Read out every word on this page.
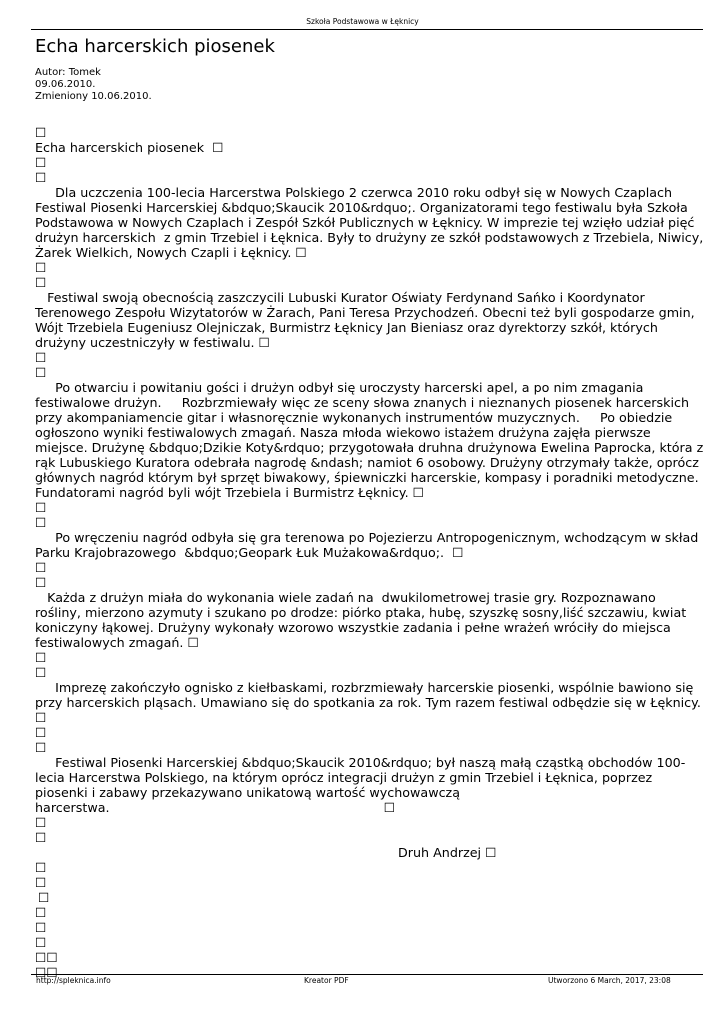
Szkoła Podstawowa w Łęknicy
Echa harcerskich piosenek
Autor: Tomek
09.06.2010.
Zmieniony 10.06.2010.
☐
Echa harcerskich piosenek  ☐
☐
☐
Dla uczczenia 100-lecia Harcerstwa Polskiego 2 czerwca 2010 roku odbył się w Nowych Czaplach
Festiwal Piosenki Harcerskiej &bdquo;Skaucik 2010&rdquo;. Organizatorami tego festiwalu była Szkoła
Podstawowa w Nowych Czaplach i Zespół Szkół Publicznych w Łęknicy. W imprezie tej wzięło udział pięć
drużyn harcerskich  z gmin Trzebiel i Łęknica. Były to drużyny ze szkół podstawowych z Trzebiela, Niwicy,
Żarek Wielkich, Nowych Czapli i Łęknicy. ☐
☐
☐
Festiwal swoją obecnością zaszczycili Lubuski Kurator Oświaty Ferdynand Sańko i Koordynator
Terenowego Zespołu Wizytatorów w Żarach, Pani Teresa Przychodzeń. Obecni też byli gospodarze gmin,
Wójt Trzebiela Eugeniusz Olejniczak, Burmistrz Łęknicy Jan Bieniasz oraz dyrektorzy szkół, których
drużyny uczestniczyły w festiwalu. ☐
☐
☐
Po otwarciu i powitaniu gości i drużyn odbył się uroczysty harcerski apel, a po nim zmagania
festiwalowe drużyn.     Rozbrzmiewały więc ze sceny słowa znanych i nieznanych piosenek harcerskich
przy akompaniamencie gitar i własnoręcznie wykonanych instrumentów muzycznych.     Po obiedzie
ogłoszono wyniki festiwalowych zmagań. Nasza młoda wiekowo istażem drużyna zajęła pierwsze
miejsce. Drużynę &bdquo;Dzikie Koty&rdquo; przygotowała druhna drużynowa Ewelina Paprocka, która z
rąk Lubuskiego Kuratora odebrała nagrodę &ndash; namiot 6 osobowy. Drużyny otrzymały także, oprócz
głównych nagród którym był sprzęt biwakowy, śpiewniczki harcerskie, kompasy i poradniki metodyczne.
Fundatorami nagród byli wójt Trzebiela i Burmistrz Łęknicy. ☐
☐
☐
Po wręczeniu nagród odbyła się gra terenowa po Pojezierzu Antropogenicznym, wchodzącym w skład
Parku Krajobrazowego  &bdquo;Geopark Łuk Mużakowa&rdquo;.  ☐
☐
☐
Każda z drużyn miała do wykonania wiele zadań na  dwukilometrowej trasie gry. Rozpoznawano
rośliny, mierzono azymuty i szukano po drodze: piórko ptaka, hubę, szyszkę sosny,liść szczawiu, kwiat
koniczyny łąkowej. Drużyny wykonały wzorowo wszystkie zadania i pełne wrażeń wróciły do miejsca
festiwalowych zmagań. ☐
☐
☐
Imprezę zakończyło ognisko z kiełbaskami, rozbrzmiewały harcerskie piosenki, wspólnie bawiono się
przy harcerskich pląsach. Umawiano się do spotkania za rok. Tym razem festiwal odbędzie się w Łęknicy.
☐
☐
☐
Festiwal Piosenki Harcerskiej &bdquo;Skaucik 2010&rdquo; był naszą małą cząstką obchodów 100-
lecia Harcerstwa Polskiego, na którym oprócz integracji drużyn z gmin Trzebiel i Łęknica, poprzez
piosenki i zabawy przekazywano unikatową wartość wychowawczą
harcerstwa.                                                                    ☐
☐
☐
Druh Andrzej ☐
☐
☐
☐
☐
☐
☐
☐☐
☐☐
http://spleknica.info	Kreator PDF	Utworzono 6 March, 2017, 23:08
